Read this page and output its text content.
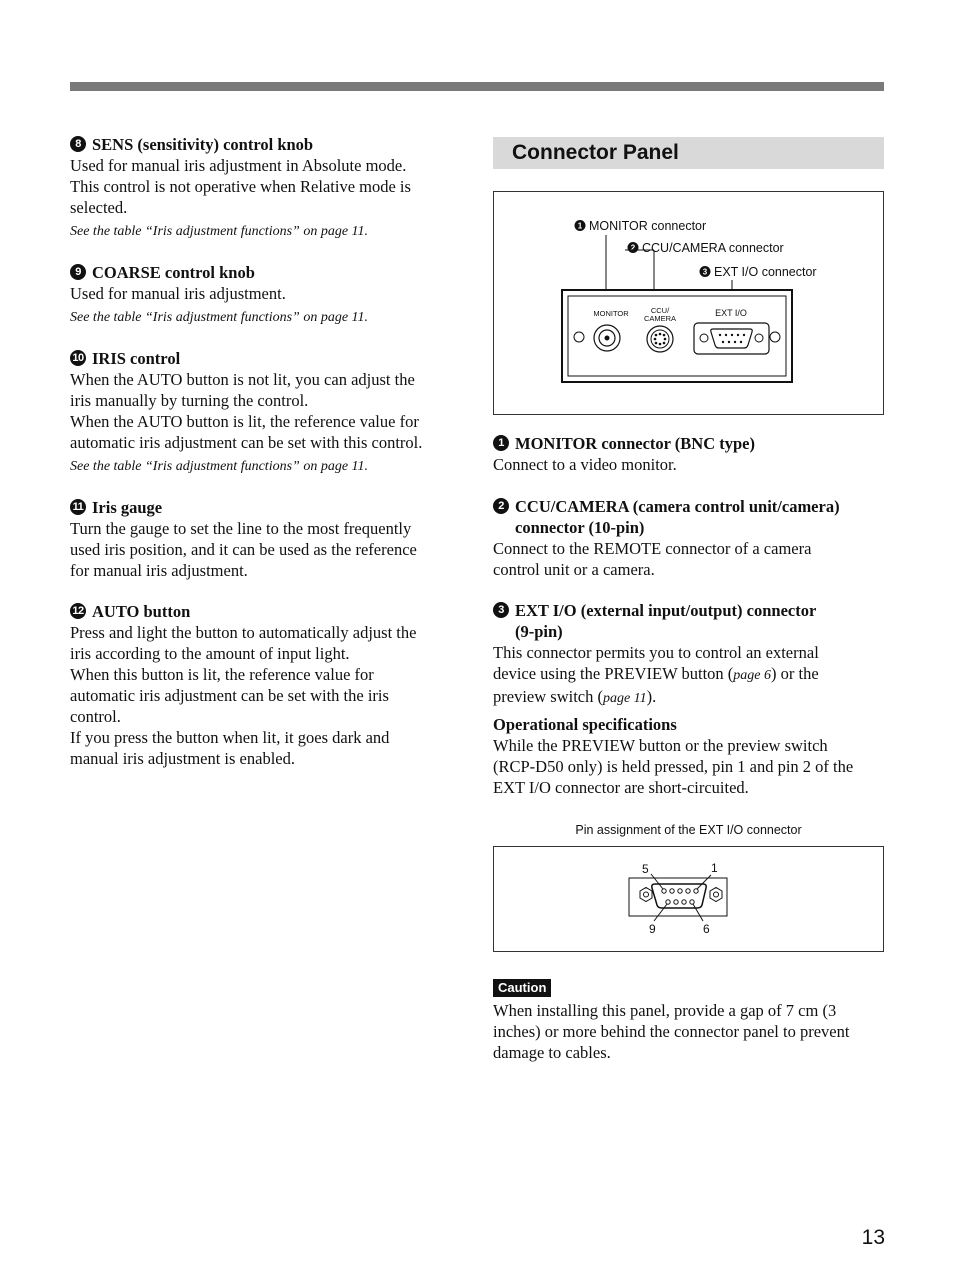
8 SENS (sensitivity) control knob
Used for manual iris adjustment in Absolute mode.
This control is not operative when Relative mode is
selected.
See the table “Iris adjustment functions” on page 11.
9 COARSE control knob
Used for manual iris adjustment.
See the table “Iris adjustment functions” on page 11.
10 IRIS control
When the AUTO button is not lit, you can adjust the
iris manually by turning the control.
When the AUTO button is lit, the reference value for
automatic iris adjustment can be set with this control.
See the table “Iris adjustment functions” on page 11.
11 Iris gauge
Turn the gauge to set the line to the most frequently
used iris position, and it can be used as the reference
for manual iris adjustment.
12 AUTO button
Press and light the button to automatically adjust the
iris according to the amount of input light.
When this button is lit, the reference value for
automatic iris adjustment can be set with the iris
control.
If you press the button when lit, it goes dark and
manual iris adjustment is enabled.
Connector Panel
1 MONITOR connector
2 CCU/CAMERA connector
3 EXT I/O connector
MONITOR	CCU/
CAMERA
EXT I/O
1 MONITOR connector (BNC type)
Connect to a video monitor.
2 CCU/CAMERA (camera control unit/camera)
connector (10-pin)
Connect to the REMOTE connector of a camera
control unit or a camera.
3 EXT I/O (external input/output) connector
(9-pin)
This connector permits you to control an external
device using the PREVIEW button (page 6) or the
preview switch (page 11).
Operational specifications
While the PREVIEW button or the preview switch
(RCP-D50 only) is held pressed, pin 1 and pin 2 of the
EXT I/O connector are short-circuited.
Pin assignment of the EXT I/O connector
5	1
9	6
Caution
When installing this panel, provide a gap of 7 cm (3
inches) or more behind the connector panel to prevent
damage to cables.
13
